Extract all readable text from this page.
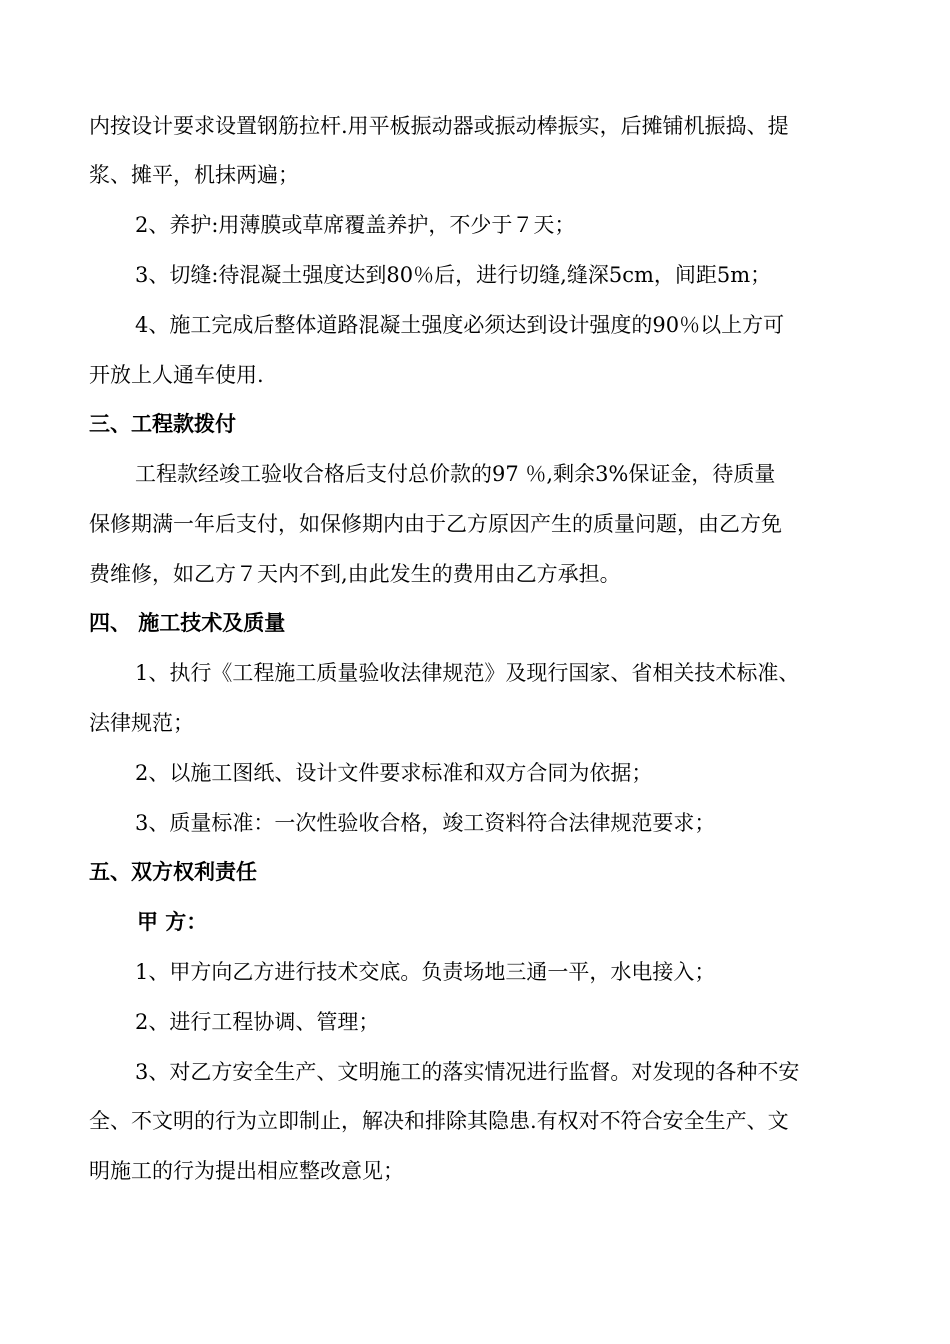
内按设计要求设置钢筋拉杆.用平板振动器或振动棒振实，后摊铺机振捣、提

浆、摊平，机抹两遍；

2、养护:用薄膜或草席覆盖养护，不少于７天；

3、切缝:待混凝土强度达到80％后，进行切缝,缝深5cm，间距5m；

4、施工完成后整体道路混凝土强度必须达到设计强度的90％以上方可

开放上人通车使用.

三、工程款拨付

工程款经竣工验收合格后支付总价款的97 ％,剩余3%保证金，待质量

保修期满一年后支付，如保修期内由于乙方原因产生的质量问题，由乙方免

费维修，如乙方７天内不到,由此发生的费用由乙方承担。

四、 施工技术及质量

1、执行《工程施工质量验收法律规范》及现行国家、省相关技术标准、

法律规范；

2、以施工图纸、设计文件要求标准和双方合同为依据；

3、质量标准：一次性验收合格，竣工资料符合法律规范要求；

五、双方权利责任

甲 方：

1、甲方向乙方进行技术交底。负责场地三通一平，水电接入；

2、进行工程协调、管理；

3、对乙方安全生产、文明施工的落实情况进行监督。对发现的各种不安

全、不文明的行为立即制止，解决和排除其隐患.有权对不符合安全生产、文

明施工的行为提出相应整改意见；
